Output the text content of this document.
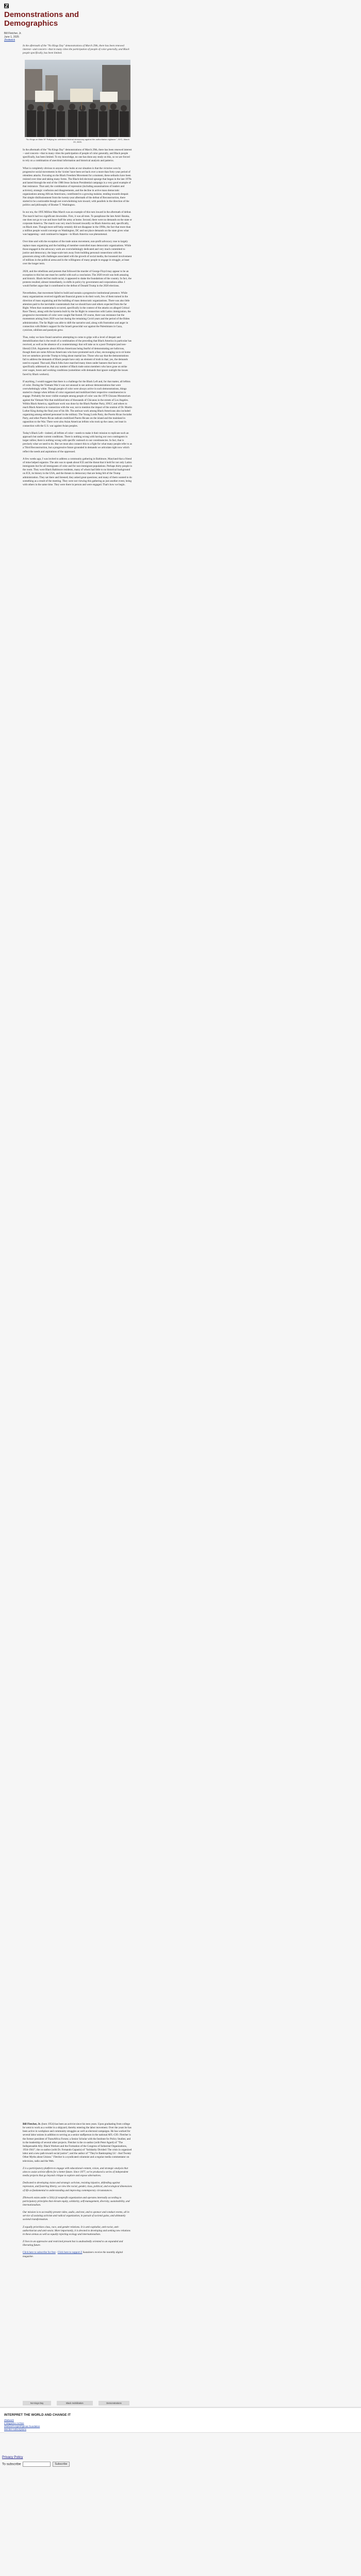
Demonstrations and
Demographics
Bill Fletcher, Jr.
June 1, 2025
Zbobwick

In the aftermath of the "No Kings Day" demonstrations of March 29th, there has been renewed interest—and concern—that in many cities the participation of people of color generally, and Black people specifically, has been limited.

"No Kings on Main St" Rallying for unfettered federal democracy against the authoritarian vigilance.”, NYC, March 29, 2025.

In the aftermath of the "No Kings Day" demonstrations of March 29th, there has been renewed interest—and concern—that in many cities the participation of people of color generally, and Black people specifically, has been limited. To my knowledge, no one has done any study on this, so we are forced to rely on a combination of anecdotal information and historical analysis and patterns.

What is completely obvious to anyone who looks at our situation is that the victories won by progressive social movements in the 'sixties' have been set back over a more than forty-year period of relentless attacks. Focusing on the Black Freedom Movement for a moment, these setbacks have been resisted over time and taking many forms. The Black-led electoral upsurge that began in the late 1970s and lasted through the end of the 1988 Jesse Jackson Presidential campaign is a very good example of that resistance. That said, the combination of repression (including assassinations of leaders and activists), strategic confusion and disagreements, and the decline in active mass democratic organizations among African Americans, contributed to a growing malaise, tending towards despair. Not simple disillusionment from the twenty-year aftermath of the defeat of Reconstruction, there started to be a noticeable though not overwhelming turn inward, with parallels in the direction of the politics and philosophy of Booker T. Washington.

In our era, the 1995 Million Man March was an example of this turn inward in the aftermath of defeat. The march had two significant downsides. First, it was all-men. To paraphrase the late Amiri Baraka, one does not go to war and leave half the army at home. Second, there were no demands on the state or corporate America. The march was very much focused inwardly on Black America and, specifically, on Black men. Though more self-help certainly did not disappear in the 1990s, the fact that more than a million people would converge on Washington, DC and not place demands on the state gives what was happening—and continued to happen—in Black America was phenomenal.

Over time and with the exception of the trade union movement, non-profit advocacy rose to largely replace mass organizing and the building of member-controlled mass democratic organizations. While those engaged in the advocacy work are overwhelmingly dedicated and very much committed to justice and democracy, the large-scale turn away from building personal connections with the grassroots along with challenges associated with the growth of social media, the loosened involvement of millions in the political arena and in the willingness of many people to engage in struggle, at least over the longer term.

2020, and the rebellions and protests that followed the murder of George Floyd may appear to be an exception to this but one must be careful with such a conclusion. The 2020 revolt was both amazing and historic. Black-led but multi-racial, it appeared to shake the foundations of the country. In fact, the protests resulted, almost immediately, in shifts in policy by government and corporations alike. I would further argue that it contributed to the defeat of Donald Trump in the 2020 elections.

Nevertheless, that movement failed to build and sustain a progressive institutional presence. While many organizations received significant financial grants to do their work, few of them turned in the direction of mass organizing and the building of mass democratic organizations. There was also little attention paid to the inevitable counterattack that we should have and others expected from the far Right. When that counterattack occurred, specifically in the context of the attacks on alleged Critical Race Theory, along with the hysteria built by the far Right in connection with Latinx immigration, the progressive movements of color were caught flat-footed. Of course, there was resistance but the momentum arising from 2020 was lost during the remaining Covid years and the period of the Biden administration. The far Right was able to shift the narrative and, along with frustration and anger in connection with Biden's support for the Israeli genocidal war against the Palestinians in Gaza, cynicism, nihilism and paralysis grew.

Thus, today we have found ourselves attempting to come to grips with a level of despair and demobilization that is the result of a combination of the preceding that Black America in particular has received, as well as the absence of a counterstrategy that will take us to a post-Trumpist (and neo-liberal) USA. Arguments about African Americans being fearful of demonstrating are ludicrous, though there are some African Americans who have promoted such a fear, encouraging us to sit home lest we somehow provoke Trump to bring about martial law. Those who say that the demonstrations fail to address the demands of Black people have only an element of truth in that; yes, the demands need to expand. That said, Black folks have marched many times under banners that have not specifically addressed us. Ask any number of Black trade union members who have gone on strike over wages, hours and working conditions (sometimes with demands that ignore outright the issues faced by Black workers).

If anything, I would suggest that there is a challenge for the Black Left and, for that matter, all leftists of color. During the Vietnam War it was not unusual to see antiwar demonstrations that were overwhelmingly white. Though people of color were always active in such demonstrations, things started to change when leftists of color organized and mobilized their respective constituencies to engage. Probably the most visible example among people of color was the 1970 Chicano Moratorium against the Vietnam War that mobilized tens of thousands of Chicanos in the streets of Los Angeles. Within Black America, significant work was done by the Black Panther Party, SNCC and others to reach Black America in connection with the war, not to mention the impact of the oration of Dr. Martin Luther King during the final year of his life. The antiwar work among Black Americans also included organizing among enlisted personnel in the military. The Young Lords Party, the Puerto Rican Socialist Party, and other Puerto Rican radicals mobilized Puerto Ricans on the island and the mainland in opposition to the War. There were also Asian American leftists who took up the cause, not least in connection with the U.S. war against Asian peoples.

Today's Black Left—indeed, all leftists of color—needs to make it their mission to replicate such an approach but under current conditions. There is nothing wrong with having our own contingents in larger rallies; there is nothing wrong with specific outreach to our constituencies. In fact, that is precisely what we need to do. But we must also connect this to a fight for what many people refer to as a Third Reconstruction, but a progressive future grounded in demands we articulate right now which reflect the needs and aspirations of the oppressed.

A few weeks ago, I was invited to address a community gathering in Baltimore, Maryland that a friend of mine helped organize. The aim was to speak about ICE and the threat that it held for not only Latinx immigrants but for all immigrants of color and for non-immigrant populations. Perhaps thirty people in the room. They were Black Baltimore residents, many of whom had little to no historical background on ICE, its history in the USA, and the threats to democracy that are being felt of the Trump administration. They sat there and listened; they asked great questions; and many of them wanted to do something as a result of the meeting. They were not viewing this gathering as just another event, being with others in the same time. They were there in person and were engaged. That's how we begin.

Bill Fletcher, Jr. (born 1954) has been an activist since his teen years. Upon graduating from college he went to work as a welder in a shipyard, thereby entering the labor movement. Over the years he has been active in workplace and community struggles as well as electoral campaigns. He has worked for several labor unions in addition to serving as a senior staffperson in the national AFL-CIO. Fletcher is the former president of TransAfrica Forum; a Senior Scholar with the Institute for Policy Studies; and in the leadership of several other projects. Fletcher is the co-author (with Peter Agard) of "The Indispensable Ally: Black Workers and the Formation of the Congress of Industrial Organizations, 1934-1941"; the co-author (with Dr. Fernando Gapasin) of "Solidarity Divided: The crisis in organized labor and a new path toward social justice"; and the author of "'They're Bankrupting Us' - And Twenty Other Myths about Unions." Fletcher is a syndicated columnist and a regular media commentator on television, radio and the Web.

Z is a participatory platform to engage with educational content, vision, and strategic analysis that aims to assist activist efforts for a better future. Since 1977, we've produced a series of independent media projects that go beyond critique to explore and expose alternatives.

Dedicated to developing vision and strategic activism, resisting injustice, defending against repression, and fostering liberty, we view the racial, gender, class, political, and ecological dimensions of life as fundamental to understanding and improving contemporary circumstances.

ZNetwork exists under a 501(c)3 nonprofit organization and operates internally according to participatory principles that elevate equity, solidarity, self-management, diversity, sustainability, and internationalism.

Our mission is to accessibly present video, audio, and text, and to sponsor and conduct events, all in service of assisting activism and radical organization, in pursuit of societal gains, and ultimately societal transformation.

Z equally prioritizes class, race, and gender relations. It is anti-capitalist, anti-racist, anti-authoritarian and anti-sexist. More importantly, it is devoted to developing and seeking new relations in these arenas as well as equally rejecting ecology and internationalism.

Z lives in an oppressive and restricted present but is unabashedly oriented to an expanded and liberating future.

Click here to subscribe for free · Click here to support Z Sustainers receive the monthly digital magazine.

No Kings Day	Black mobilization	Demonstrations
INTERPRET THE WORLD AND CHANGE IT
ZNetwork
Z Magazine Archive
ZNetwork expert/opinion foundation
Member subscriptions
Privacy Policy
To subscribe	Subscribe
